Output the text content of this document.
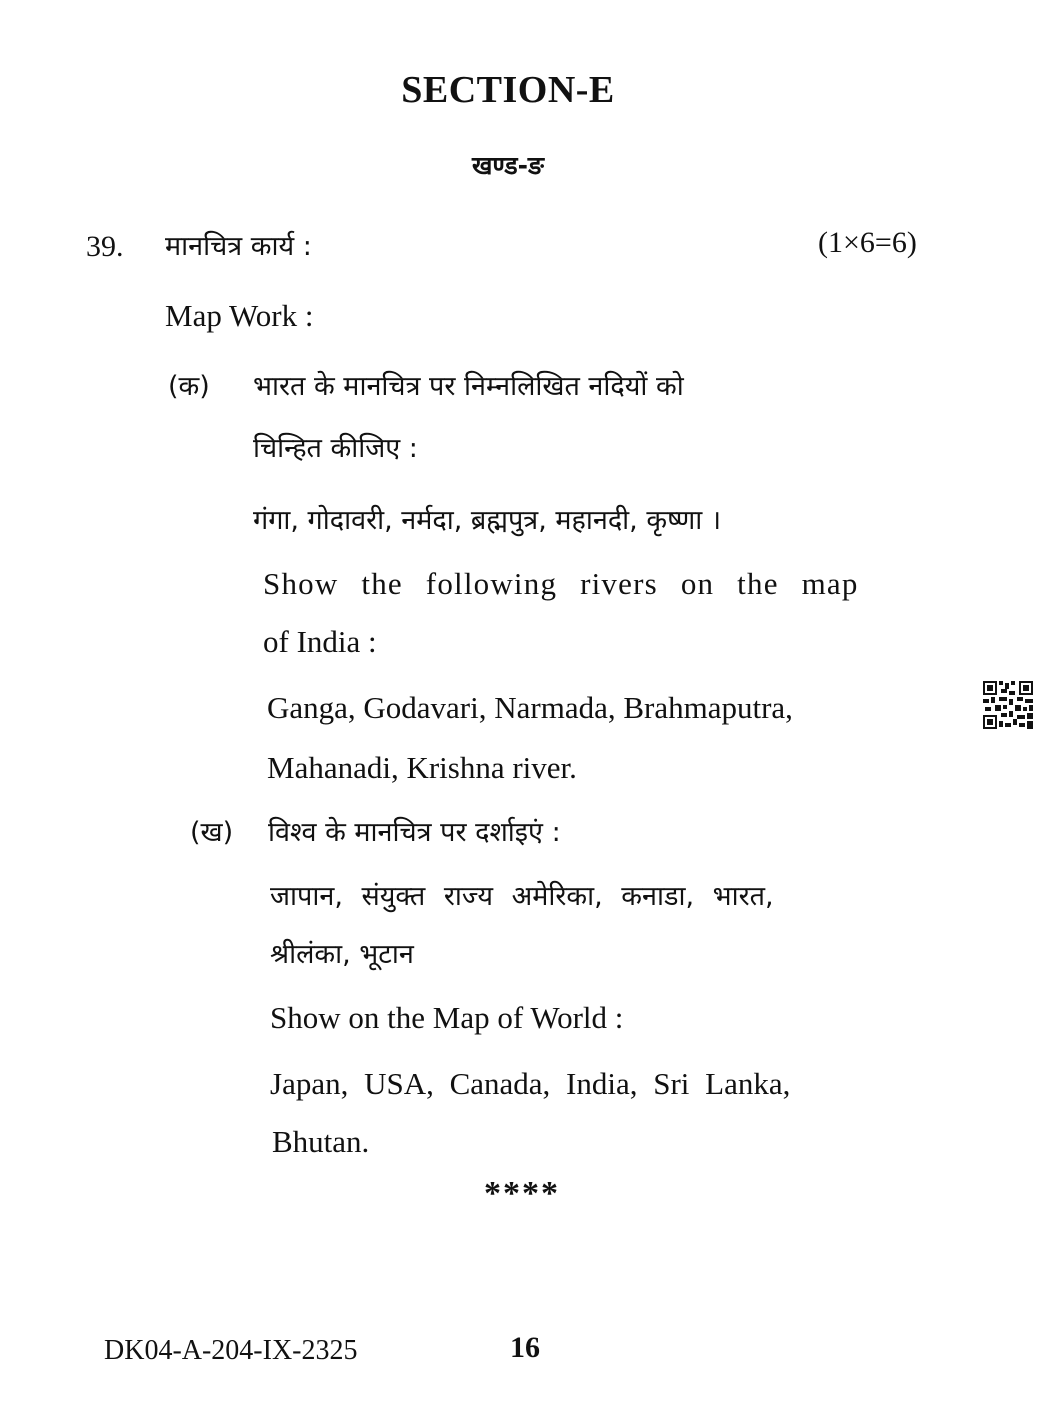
SECTION-E
खण्ड-ङ
39. मानचित्र कार्य :	(1×6=6)
Map Work :
(क) भारत के मानचित्र पर निम्नलिखित नदियों को
चिन्हित कीजिए :
गंगा, गोदावरी, नर्मदा, ब्रह्मपुत्र, महानदी, कृष्णा ।
Show the following rivers on the map
of India :
Ganga, Godavari, Narmada, Brahmaputra,
Mahanadi, Krishna river.
(ख) विश्व के मानचित्र पर दर्शाइएं :
जापान, संयुक्त राज्य अमेरिका, कनाडा, भारत,
श्रीलंका, भूटान
Show on the Map of World :
Japan, USA, Canada, India, Sri Lanka,
Bhutan.
****
DK04-A-204-IX-2325	16
